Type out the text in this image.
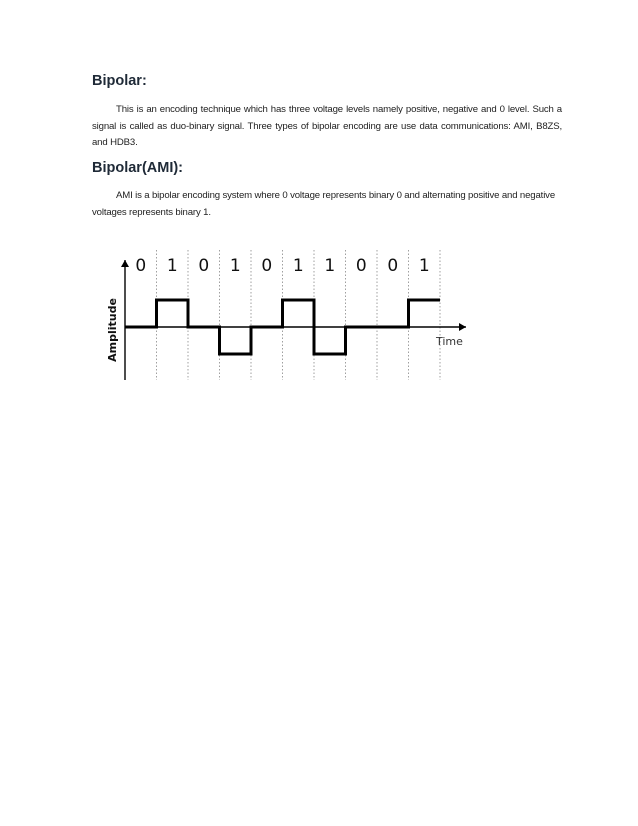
Bipolar:

This is an encoding technique which has three voltage levels namely positive, negative and 0 level. Such a signal is called as duo-binary signal. Three types of bipolar encoding are use data communications: AMI, B8ZS, and HDB3.

Bipolar(AMI):

AMI is a bipolar encoding system where 0 voltage represents binary 0 and alternating positive and negative voltages represents binary 1.

0 1 0 1 0 1 1 0 0 1
Amplitude	Time
